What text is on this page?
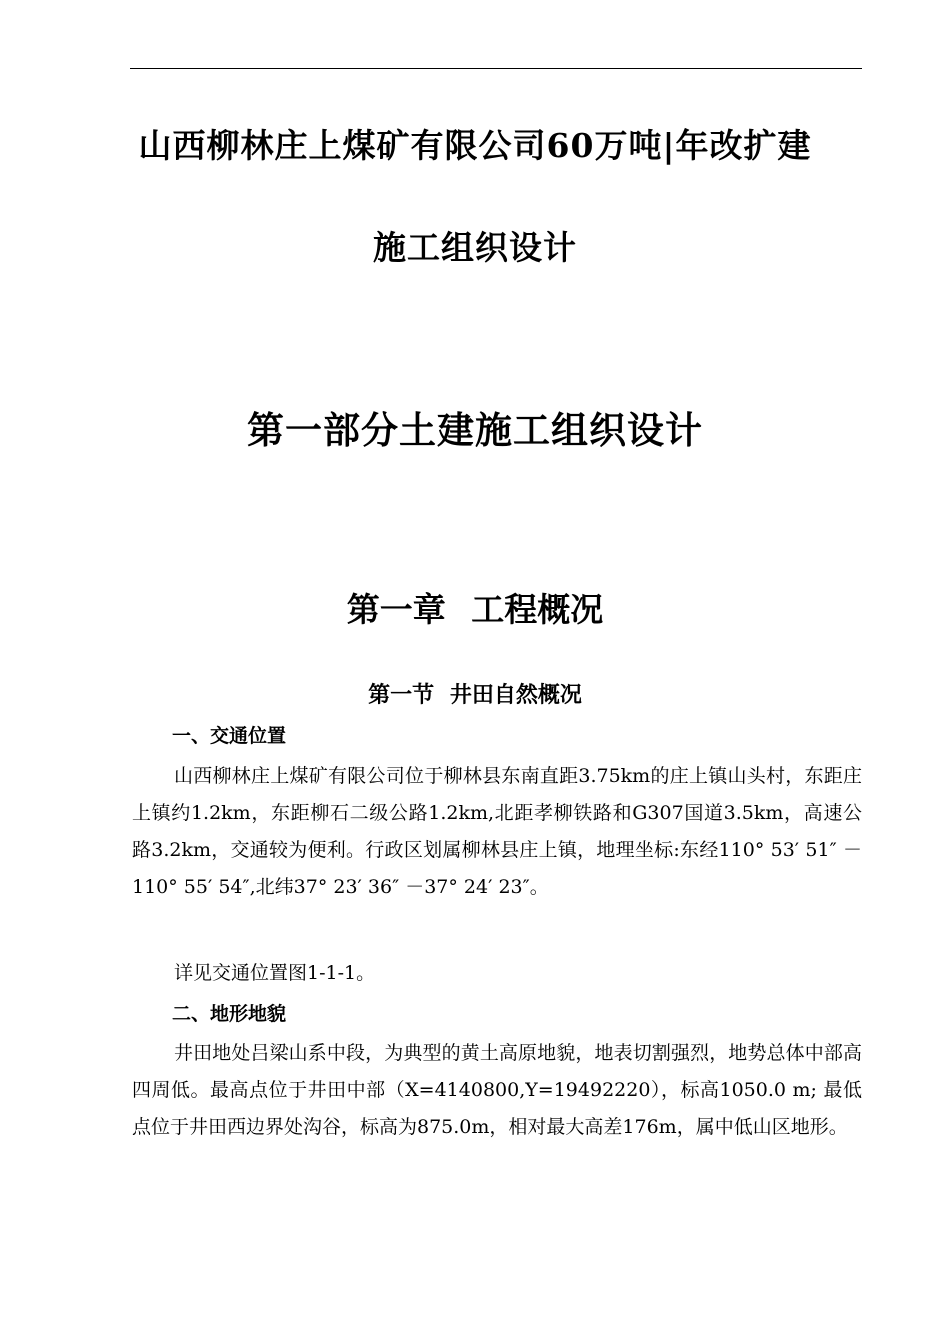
山西柳林庄上煤矿有限公司60万吨|年改扩建
施工组织设计
第一部分土建施工组织设计
第一章 工程概况
第一节 井田自然概况
一、交通位置
山西柳林庄上煤矿有限公司位于柳林县东南直距3.75km的庄上镇山头村，东距庄上镇约1.2km，东距柳石二级公路1.2km,北距孝柳铁路和G307国道3.5km，高速公路3.2km，交通较为便利。行政区划属柳林县庄上镇，地理坐标:东经110° 53′ 51″ －110° 55′ 54″,北纬37° 23′ 36″ －37° 24′ 23″。
详见交通位置图1-1-1。
二、地形地貌
井田地处吕梁山系中段，为典型的黄土高原地貌，地表切割强烈，地势总体中部高四周低。最高点位于井田中部（X=4140800,Y=19492220），标高1050.0 m; 最低点位于井田西边界处沟谷，标高为875.0m，相对最大高差176m，属中低山区地形。
